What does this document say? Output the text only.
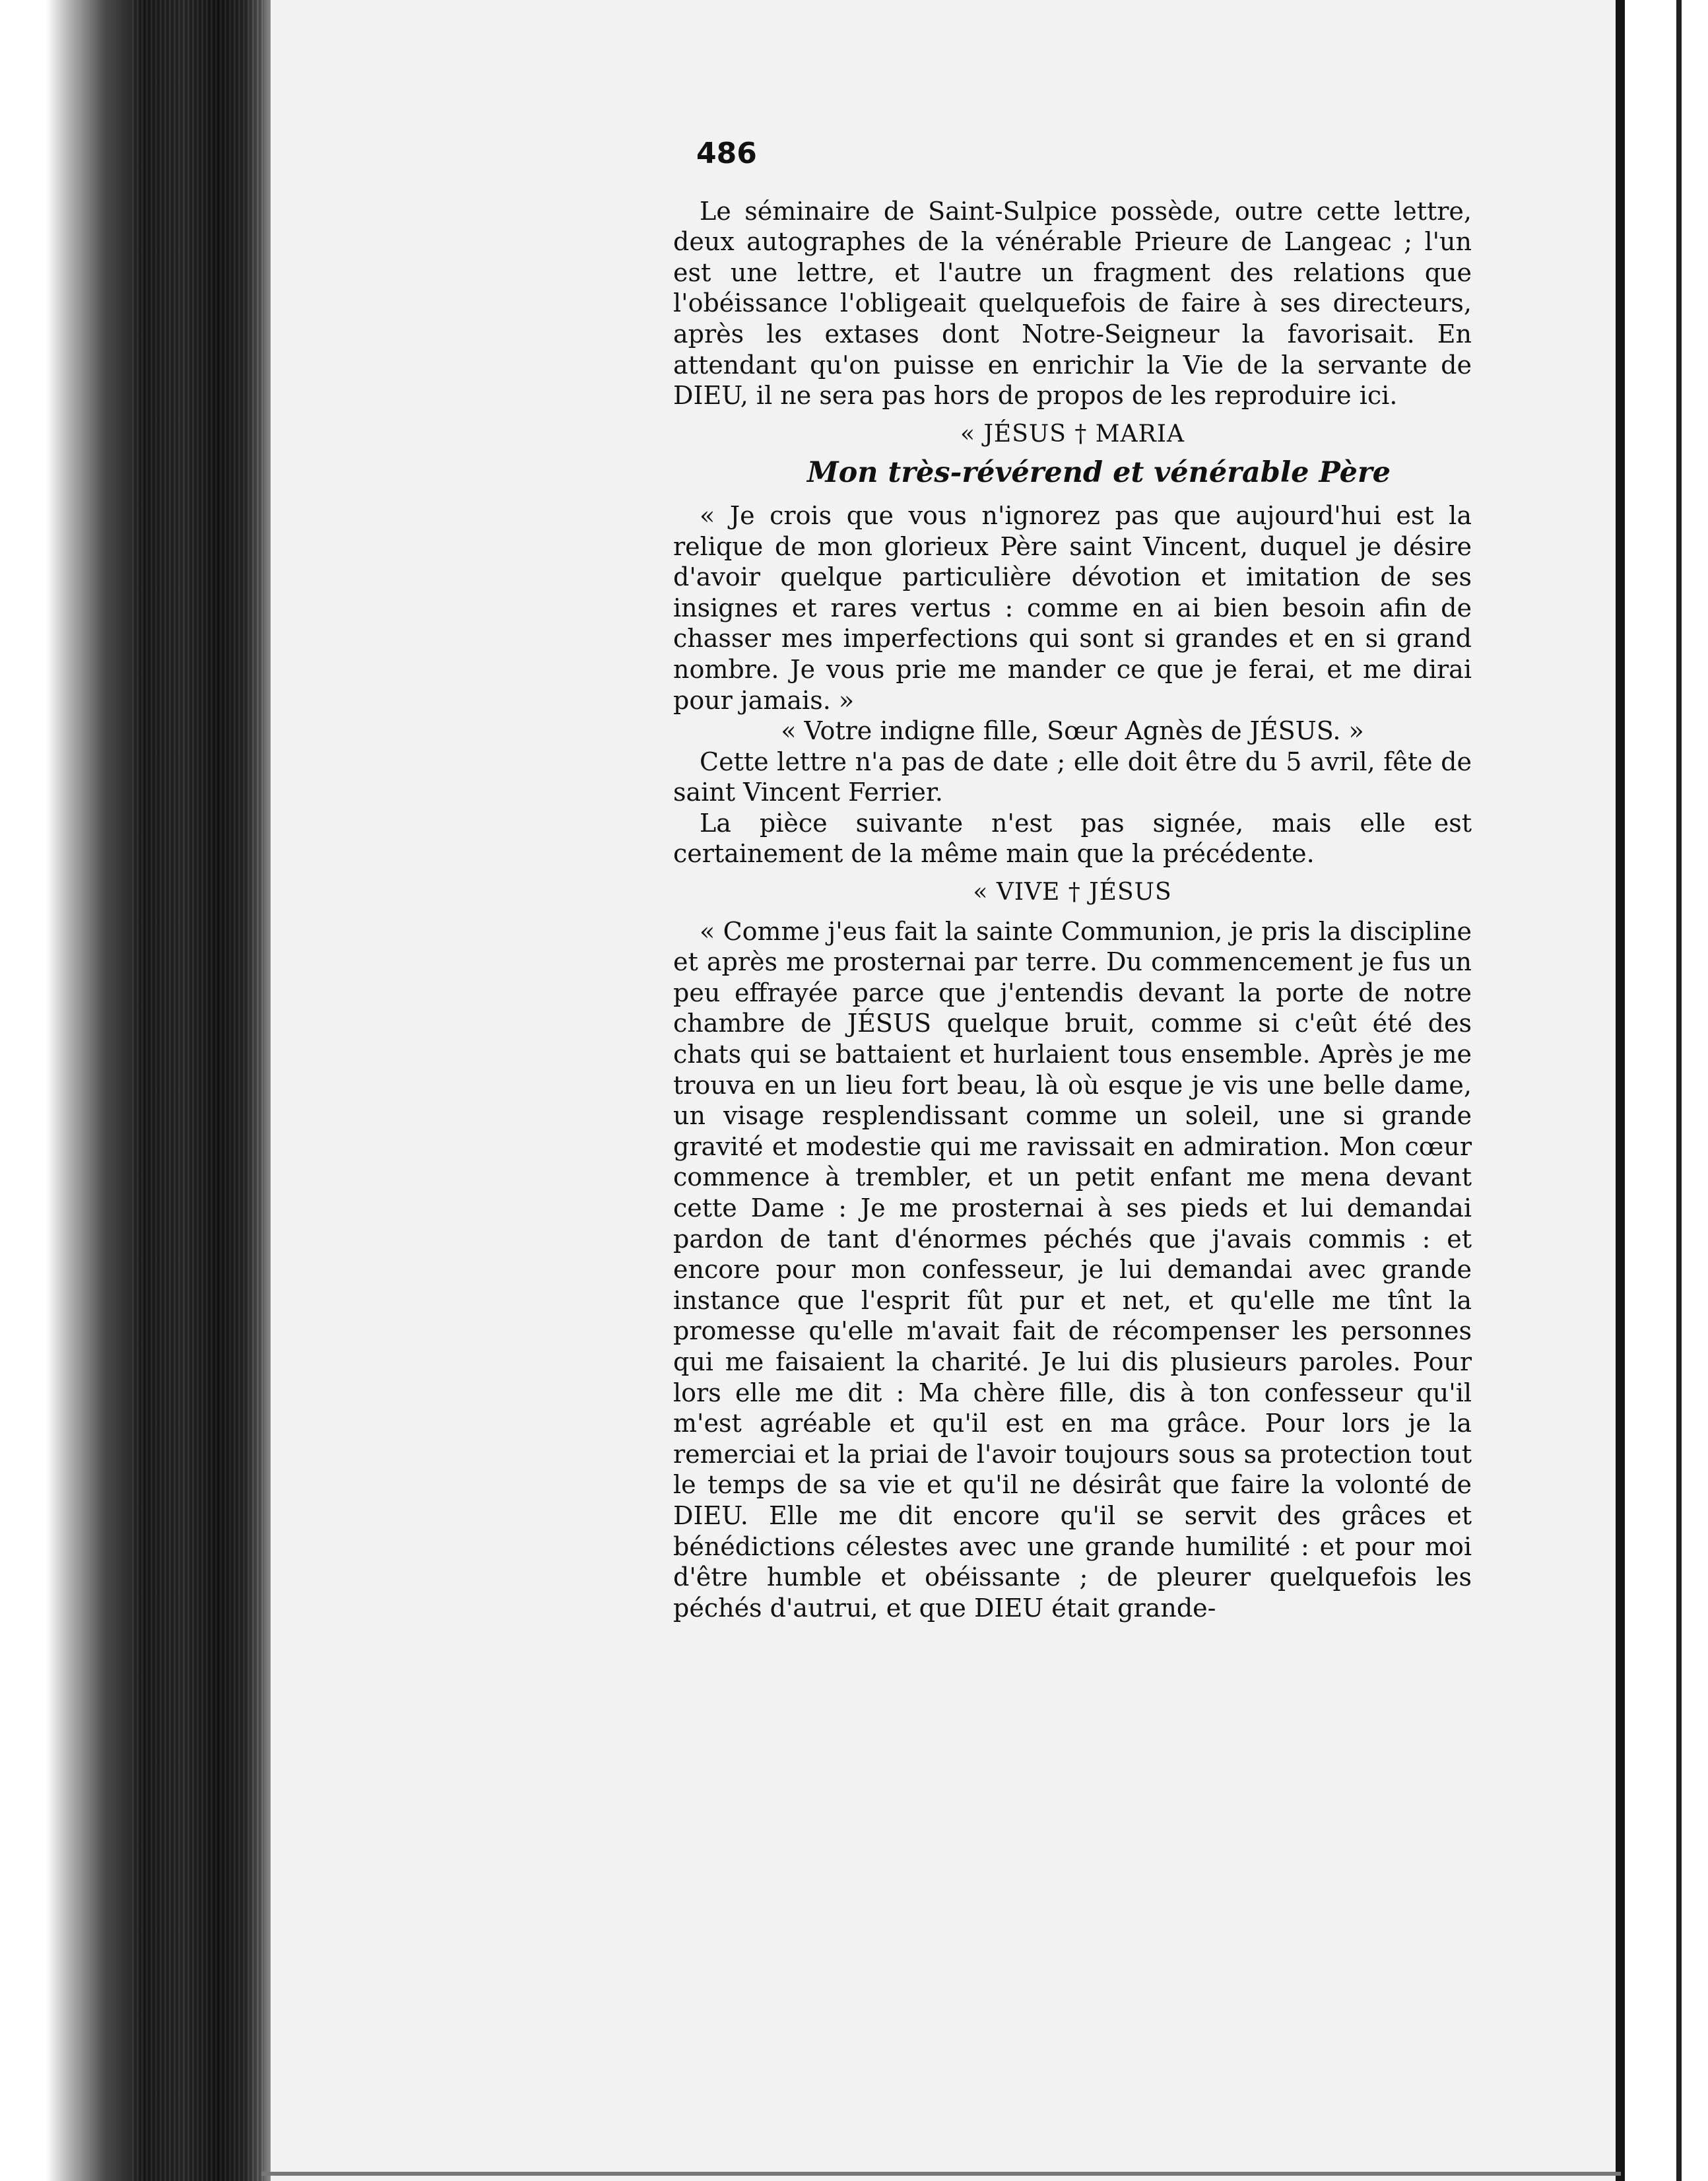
486

Le séminaire de Saint-Sulpice possède, outre cette lettre, deux autographes de la vénérable Prieure de Langeac ; l'un est une lettre, et l'autre un fragment des relations que l'obéissance l'obligeait quelquefois de faire à ses directeurs, après les extases dont Notre-Seigneur la favorisait. En attendant qu'on puisse en enrichir la Vie de la servante de DIEU, il ne sera pas hors de propos de les reproduire ici.

« JÉSUS † MARIA

Mon très-révérend et vénérable Père

« Je crois que vous n'ignorez pas que aujourd'hui est la relique de mon glorieux Père saint Vincent, duquel je désire d'avoir quelque particulière dévotion et imitation de ses insignes et rares vertus : comme en ai bien besoin afin de chasser mes imperfections qui sont si grandes et en si grand nombre. Je vous prie me mander ce que je ferai, et me dirai pour jamais. »

« Votre indigne fille, Sœur Agnès de JÉSUS. »

Cette lettre n'a pas de date ; elle doit être du 5 avril, fête de saint Vincent Ferrier.

La pièce suivante n'est pas signée, mais elle est certainement de la même main que la précédente.

« VIVE † JÉSUS

« Comme j'eus fait la sainte Communion, je pris la discipline et après me prosternai par terre. Du commencement je fus un peu effrayée parce que j'entendis devant la porte de notre chambre de JÉSUS quelque bruit, comme si c'eût été des chats qui se battaient et hurlaient tous ensemble. Après je me trouva en un lieu fort beau, là où esque je vis une belle dame, un visage resplendissant comme un soleil, une si grande gravité et modestie qui me ravissait en admiration. Mon cœur commence à trembler, et un petit enfant me mena devant cette Dame : Je me prosternai à ses pieds et lui demandai pardon de tant d'énormes péchés que j'avais commis : et encore pour mon confesseur, je lui demandai avec grande instance que l'esprit fût pur et net, et qu'elle me tînt la promesse qu'elle m'avait fait de récompenser les personnes qui me faisaient la charité. Je lui dis plusieurs paroles. Pour lors elle me dit : Ma chère fille, dis à ton confesseur qu'il m'est agréable et qu'il est en ma grâce. Pour lors je la remerciai et la priai de l'avoir toujours sous sa protection tout le temps de sa vie et qu'il ne désirât que faire la volonté de DIEU. Elle me dit encore qu'il se servit des grâces et bénédictions célestes avec une grande humilité : et pour moi d'être humble et obéissante ; de pleurer quelquefois les péchés d'autrui, et que DIEU était grande-
